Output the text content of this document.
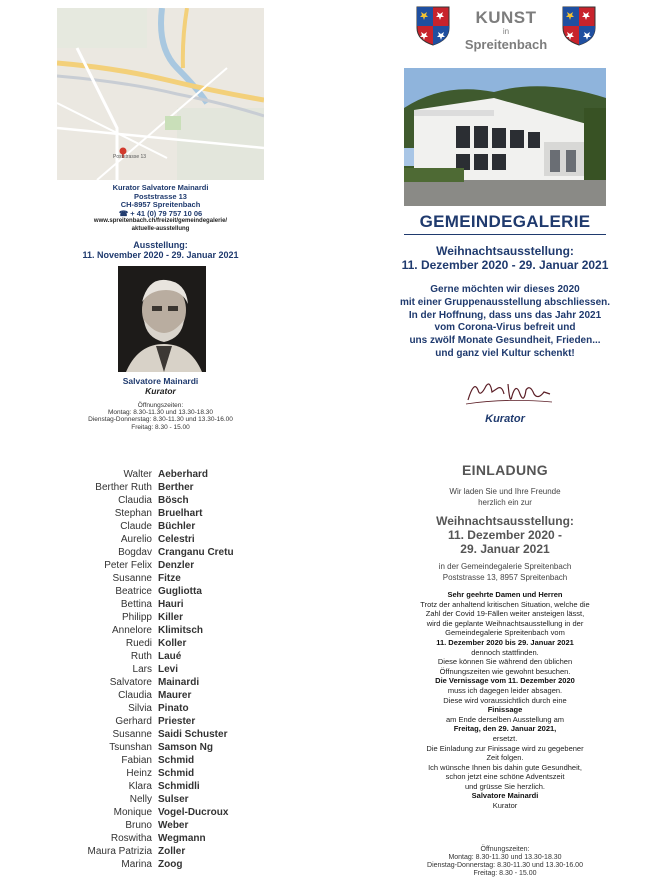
Poststrasse 13
Kurator Salvatore Mainardi
Poststrasse 13
CH-8957 Spreitenbach
☎ + 41 (0) 79 757 10 06
www.spreitenbach.ch/freizeit/gemeindegalerie/
aktuelle-ausstellung
Ausstellung:
11. November 2020 - 29. Januar 2021
Salvatore Mainardi
Kurator
Öffnungszeiten:
Montag: 8.30-11.30 und 13.30-18.30
Dienstag-Donnerstag: 8.30-11.30 und 13.30-16.00
Freitag: 8.30 - 15.00
Walter Aeberhard
Berther Ruth Berther
Claudia Bösch
Stephan Bruelhart
Claude Büchler
Aurelio Celestri
Bogdav Cranganu Cretu
Peter Felix Denzler
Susanne Fitze
Beatrice Gugliotta
Bettina Hauri
Philipp Killer
Annelore Klimitsch
Ruedi Koller
Ruth Laué
Lars Levi
Salvatore Mainardi
Claudia Maurer
Silvia Pinato
Gerhard Priester
Susanne Saidi Schuster
Tsunshan Samson Ng
Fabian Schmid
Heinz Schmid
Klara Schmidli
Nelly Sulser
Monique Vogel-Ducroux
Bruno Weber
Roswitha Wegmann
Maura Patrizia Zoller
Marina Zoog
KUNST
in
Spreitenbach
GEMEINDEGALERIE
Weihnachtsausstellung:
11. Dezember 2020 - 29. Januar 2021
Gerne möchten wir dieses 2020
mit einer Gruppenausstellung abschliessen.
In der Hoffnung, dass uns das Jahr 2021
vom Corona-Virus befreit und
uns zwölf Monate Gesundheit, Frieden...
und ganz viel Kultur schenkt!
Kurator
EINLADUNG
Wir laden Sie und Ihre Freunde
herzlich ein zur
Weihnachtsausstellung:
11. Dezember 2020 -
29. Januar 2021
in der Gemeindegalerie Spreitenbach
Poststrasse 13, 8957 Spreitenbach
Sehr geehrte Damen und Herren
Trotz der anhaltend kritischen Situation, welche die
Zahl der Covid 19-Fällen weiter ansteigen lässt,
wird die geplante Weihnachtsausstellung in der
Gemeindegalerie Spreitenbach vom
11. Dezember 2020 bis 29. Januar 2021
dennoch stattfinden.
Diese können Sie während den üblichen
Öffnungszeiten wie gewohnt besuchen.
Die Vernissage vom 11. Dezember 2020
muss ich dagegen leider absagen.
Diese wird voraussichtlich durch eine
Finissage
am Ende derselben Ausstellung am
Freitag, den 29. Januar 2021,
ersetzt.
Die Einladung zur Finissage wird zu gegebener
Zeit folgen.
Ich wünsche Ihnen bis dahin gute Gesundheit,
schon jetzt eine schöne Adventszeit
und grüsse Sie herzlich.
Salvatore Mainardi
Kurator
Öffnungszeiten:
Montag: 8.30-11.30 und 13.30-18.30
Dienstag-Donnerstag: 8.30-11.30 und 13.30-16.00
Freitag: 8.30 - 15.00
